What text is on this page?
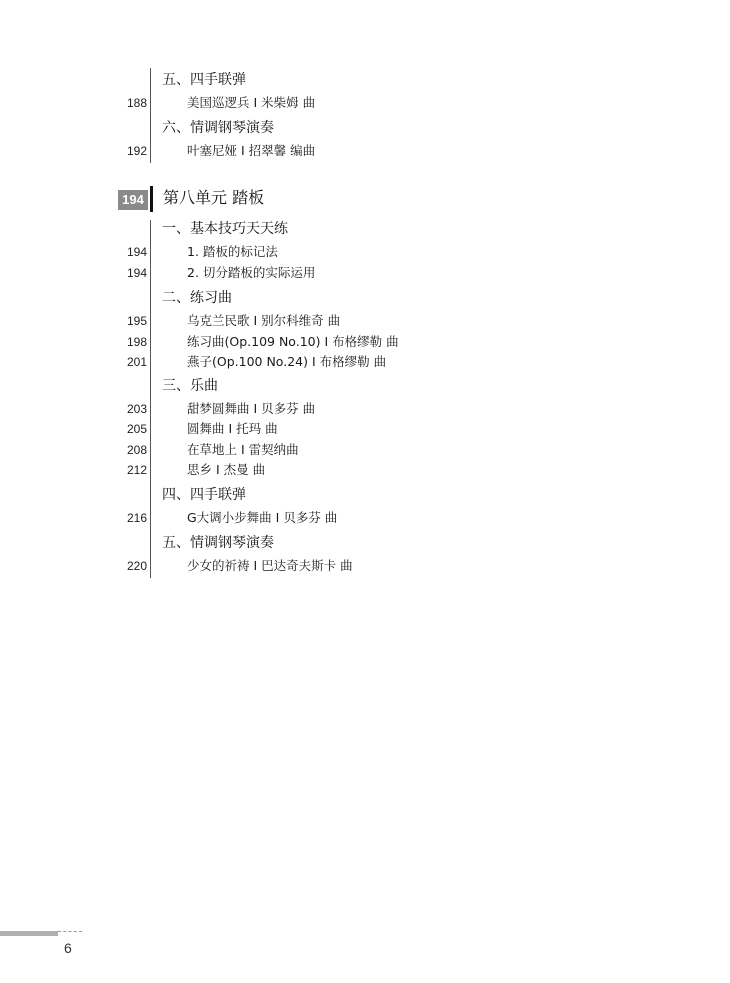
五、四手联弹
188	美国巡逻兵 I 米柴姆 曲
六、情调钢琴演奏
192	叶塞尼娅 I 招翠馨 编曲
194 第八单元 踏板
一、基本技巧天天练
194	1. 踏板的标记法
194	2. 切分踏板的实际运用
二、练习曲
195	乌克兰民歌 I 别尔科维奇 曲
198	练习曲(Op.109 No.10) I 布格缪勒 曲
201	燕子(Op.100 No.24) I 布格缪勒 曲
三、乐曲
203	甜梦圆舞曲 I 贝多芬 曲
205	圆舞曲 I 托玛 曲
208	在草地上 I 雷契纳曲
212	思乡 I 杰曼 曲
四、四手联弹
216	G大调小步舞曲 I 贝多芬 曲
五、情调钢琴演奏
220	少女的祈祷 I 巴达奇夫斯卡 曲
6
